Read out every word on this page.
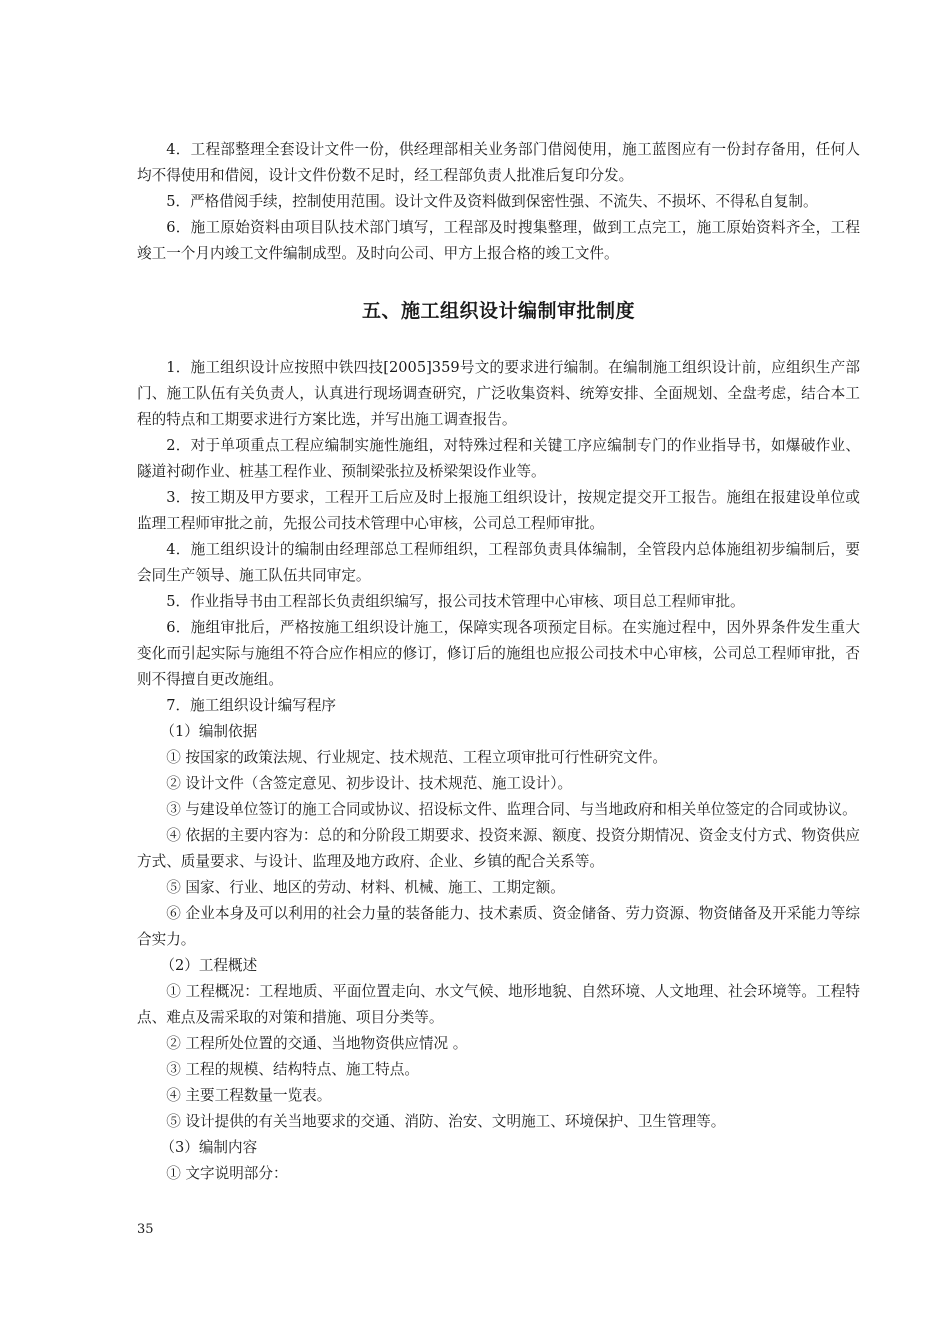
4．工程部整理全套设计文件一份，供经理部相关业务部门借阅使用，施工蓝图应有一份封存备用，任何人均不得使用和借阅，设计文件份数不足时，经工程部负责人批准后复印分发。

5．严格借阅手续，控制使用范围。设计文件及资料做到保密性强、不流失、不损坏、不得私自复制。

6．施工原始资料由项目队技术部门填写，工程部及时搜集整理，做到工点完工，施工原始资料齐全，工程竣工一个月内竣工文件编制成型。及时向公司、甲方上报合格的竣工文件。

五、施工组织设计编制审批制度

1．施工组织设计应按照中铁四技[2005]359号文的要求进行编制。在编制施工组织设计前，应组织生产部门、施工队伍有关负责人，认真进行现场调查研究，广泛收集资料、统筹安排、全面规划、全盘考虑，结合本工程的特点和工期要求进行方案比选，并写出施工调查报告。

2．对于单项重点工程应编制实施性施组，对特殊过程和关键工序应编制专门的作业指导书，如爆破作业、隧道衬砌作业、桩基工程作业、预制梁张拉及桥梁架设作业等。

3．按工期及甲方要求，工程开工后应及时上报施工组织设计，按规定提交开工报告。施组在报建设单位或监理工程师审批之前，先报公司技术管理中心审核，公司总工程师审批。

4．施工组织设计的编制由经理部总工程师组织，工程部负责具体编制，全管段内总体施组初步编制后，要会同生产领导、施工队伍共同审定。

5．作业指导书由工程部长负责组织编写，报公司技术管理中心审核、项目总工程师审批。

6．施组审批后，严格按施工组织设计施工，保障实现各项预定目标。在实施过程中，因外界条件发生重大变化而引起实际与施组不符合应作相应的修订，修订后的施组也应报公司技术中心审核，公司总工程师审批，否则不得擅自更改施组。

7．施工组织设计编写程序

（1）编制依据

① 按国家的政策法规、行业规定、技术规范、工程立项审批可行性研究文件。

② 设计文件（含签定意见、初步设计、技术规范、施工设计）。

③ 与建设单位签订的施工合同或协议、招设标文件、监理合同、与当地政府和相关单位签定的合同或协议。

④ 依据的主要内容为：总的和分阶段工期要求、投资来源、额度、投资分期情况、资金支付方式、物资供应方式、质量要求、与设计、监理及地方政府、企业、乡镇的配合关系等。

⑤ 国家、行业、地区的劳动、材料、机械、施工、工期定额。

⑥ 企业本身及可以利用的社会力量的装备能力、技术素质、资金储备、劳力资源、物资储备及开采能力等综合实力。

（2）工程概述

① 工程概况：工程地质、平面位置走向、水文气候、地形地貌、自然环境、人文地理、社会环境等。工程特点、难点及需采取的对策和措施、项目分类等。

② 工程所处位置的交通、当地物资供应情况 。

③ 工程的规模、结构特点、施工特点。

④ 主要工程数量一览表。

⑤ 设计提供的有关当地要求的交通、消防、治安、文明施工、环境保护、卫生管理等。

（3）编制内容

① 文字说明部分：

35
